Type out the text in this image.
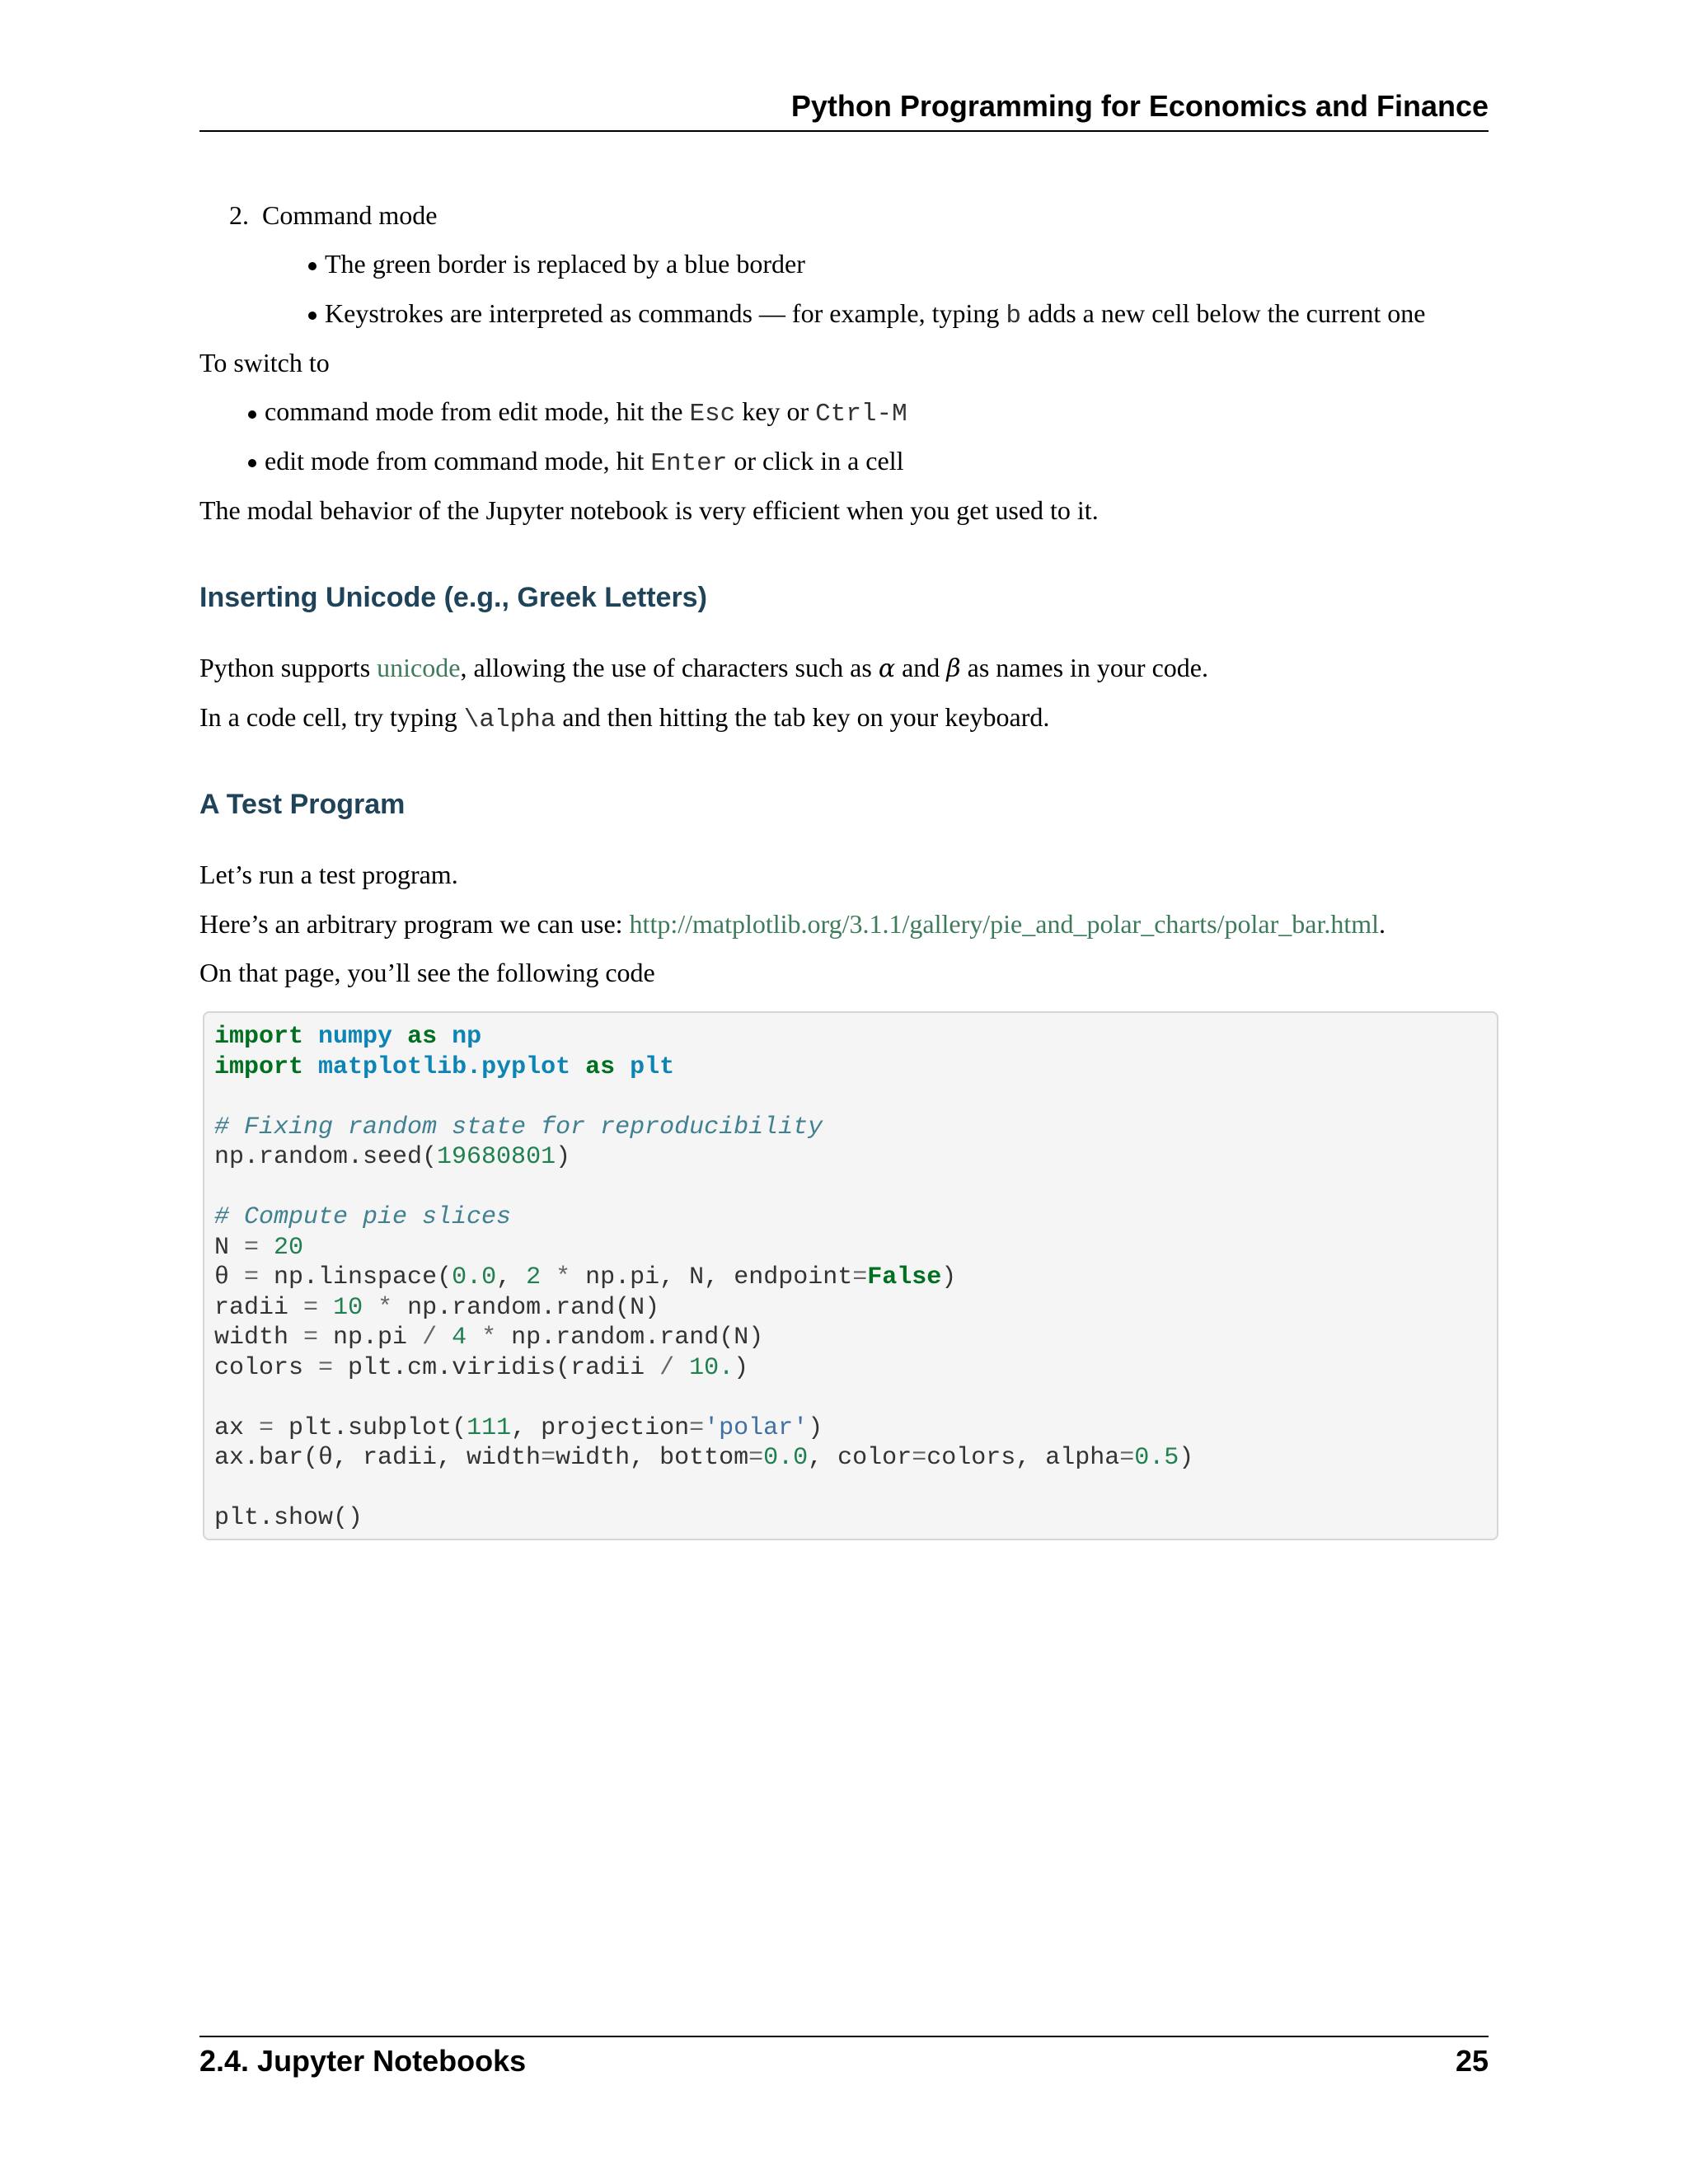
Python Programming for Economics and Finance
2. Command mode
The green border is replaced by a blue border
Keystrokes are interpreted as commands — for example, typing b adds a new cell below the current one
To switch to
command mode from edit mode, hit the Esc key or Ctrl-M
edit mode from command mode, hit Enter or click in a cell
The modal behavior of the Jupyter notebook is very efficient when you get used to it.
Inserting Unicode (e.g., Greek Letters)
Python supports unicode, allowing the use of characters such as α and β as names in your code.
In a code cell, try typing \alpha and then hitting the tab key on your keyboard.
A Test Program
Let’s run a test program.
Here’s an arbitrary program we can use: http://matplotlib.org/3.1.1/gallery/pie_and_polar_charts/polar_bar.html.
On that page, you’ll see the following code
import numpy as np
import matplotlib.pyplot as plt
# Fixing random state for reproducibility
np.random.seed(19680801)
# Compute pie slices
N = 20
θ = np.linspace(0.0, 2 * np.pi, N, endpoint=False)
radii = 10 * np.random.rand(N)
width = np.pi / 4 * np.random.rand(N)
colors = plt.cm.viridis(radii / 10.)
ax = plt.subplot(111, projection='polar')
ax.bar(θ, radii, width=width, bottom=0.0, color=colors, alpha=0.5)
plt.show()
2.4. Jupyter Notebooks	25
